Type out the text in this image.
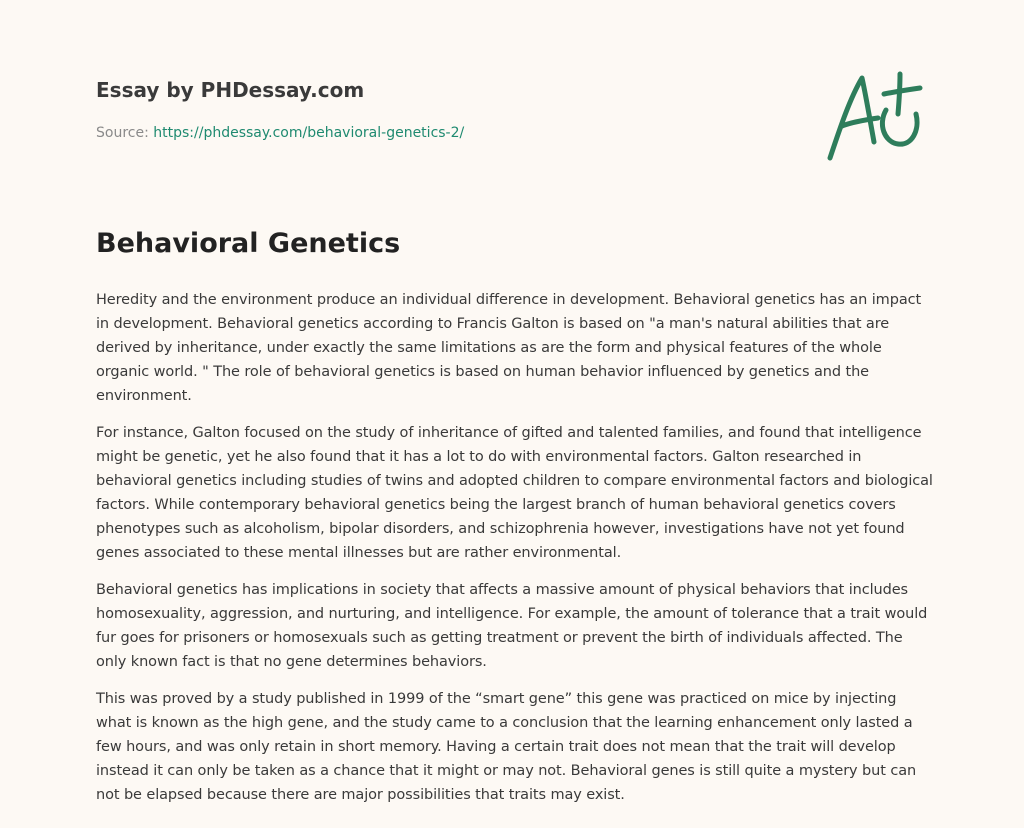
Essay by PHDessay.com
Source: https://phdessay.com/behavioral-genetics-2/
Behavioral Genetics

Heredity and the environment produce an individual difference in development. Behavioral genetics has an impact in development. Behavioral genetics according to Francis Galton is based on "a man's natural abilities that are derived by inheritance, under exactly the same limitations as are the form and physical features of the whole organic world. " The role of behavioral genetics is based on human behavior influenced by genetics and the environment.

For instance, Galton focused on the study of inheritance of gifted and talented families, and found that intelligence might be genetic, yet he also found that it has a lot to do with environmental factors. Galton researched in behavioral genetics including studies of twins and adopted children to compare environmental factors and biological factors. While contemporary behavioral genetics being the largest branch of human behavioral genetics covers phenotypes such as alcoholism, bipolar disorders, and schizophrenia however, investigations have not yet found genes associated to these mental illnesses but are rather environmental.

Behavioral genetics has implications in society that affects a massive amount of physical behaviors that includes homosexuality, aggression, and nurturing, and intelligence. For example, the amount of tolerance that a trait would fur goes for prisoners or homosexuals such as getting treatment or prevent the birth of individuals affected. The only known fact is that no gene determines behaviors.

This was proved by a study published in 1999 of the “smart gene” this gene was practiced on mice by injecting what is known as the high gene, and the study came to a conclusion that the learning enhancement only lasted a few hours, and was only retain in short memory. Having a certain trait does not mean that the trait will develop instead it can only be taken as a chance that it might or may not. Behavioral genes is still quite a mystery but can not be elapsed because there are major possibilities that traits may exist.
